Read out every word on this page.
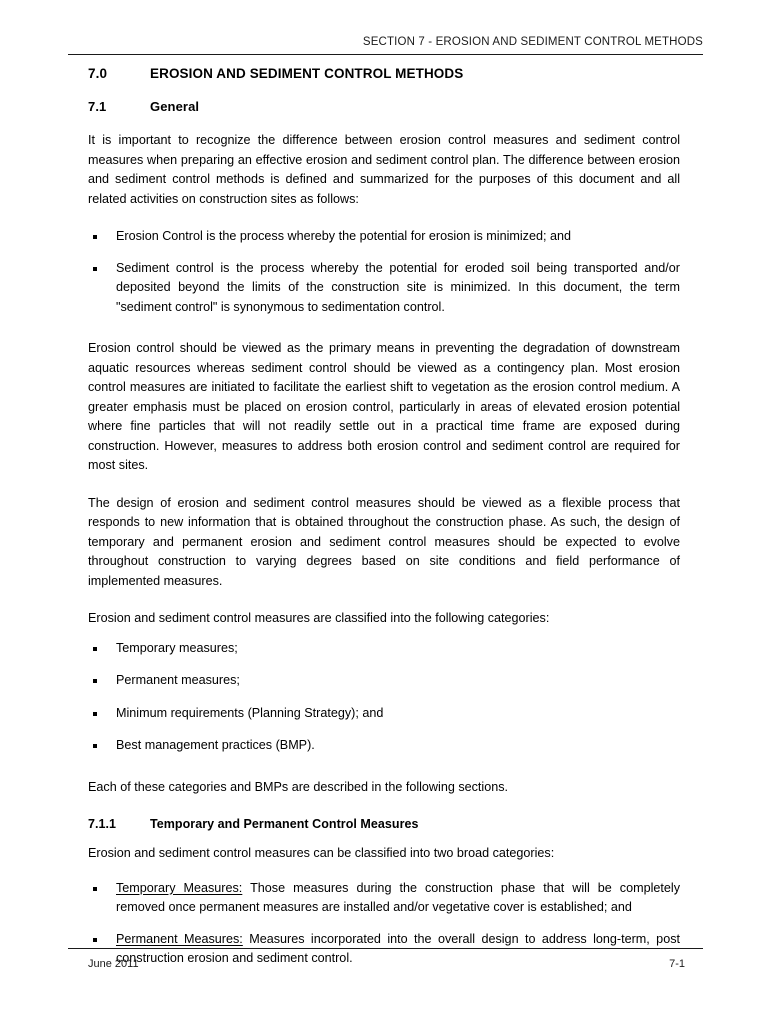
SECTION 7 - EROSION AND SEDIMENT CONTROL METHODS
7.0	EROSION AND SEDIMENT CONTROL METHODS
7.1	General

It is important to recognize the difference between erosion control measures and sediment control measures when preparing an effective erosion and sediment control plan. The difference between erosion and sediment control methods is defined and summarized for the purposes of this document and all related activities on construction sites as follows:

Erosion Control is the process whereby the potential for erosion is minimized; and
Sediment control is the process whereby the potential for eroded soil being transported and/or deposited beyond the limits of the construction site is minimized. In this document, the term "sediment control" is synonymous to sedimentation control.

Erosion control should be viewed as the primary means in preventing the degradation of downstream aquatic resources whereas sediment control should be viewed as a contingency plan. Most erosion control measures are initiated to facilitate the earliest shift to vegetation as the erosion control medium. A greater emphasis must be placed on erosion control, particularly in areas of elevated erosion potential where fine particles that will not readily settle out in a practical time frame are exposed during construction. However, measures to address both erosion control and sediment control are required for most sites.

The design of erosion and sediment control measures should be viewed as a flexible process that responds to new information that is obtained throughout the construction phase. As such, the design of temporary and permanent erosion and sediment control measures should be expected to evolve throughout construction to varying degrees based on site conditions and field performance of implemented measures.

Erosion and sediment control measures are classified into the following categories:

Temporary measures;
Permanent measures;
Minimum requirements (Planning Strategy); and
Best management practices (BMP).

Each of these categories and BMPs are described in the following sections.

7.1.1	Temporary and Permanent Control Measures

Erosion and sediment control measures can be classified into two broad categories:

Temporary Measures: Those measures during the construction phase that will be completely removed once permanent measures are installed and/or vegetative cover is established; and
Permanent Measures: Measures incorporated into the overall design to address long-term, post construction erosion and sediment control.
June 2011	7-1
